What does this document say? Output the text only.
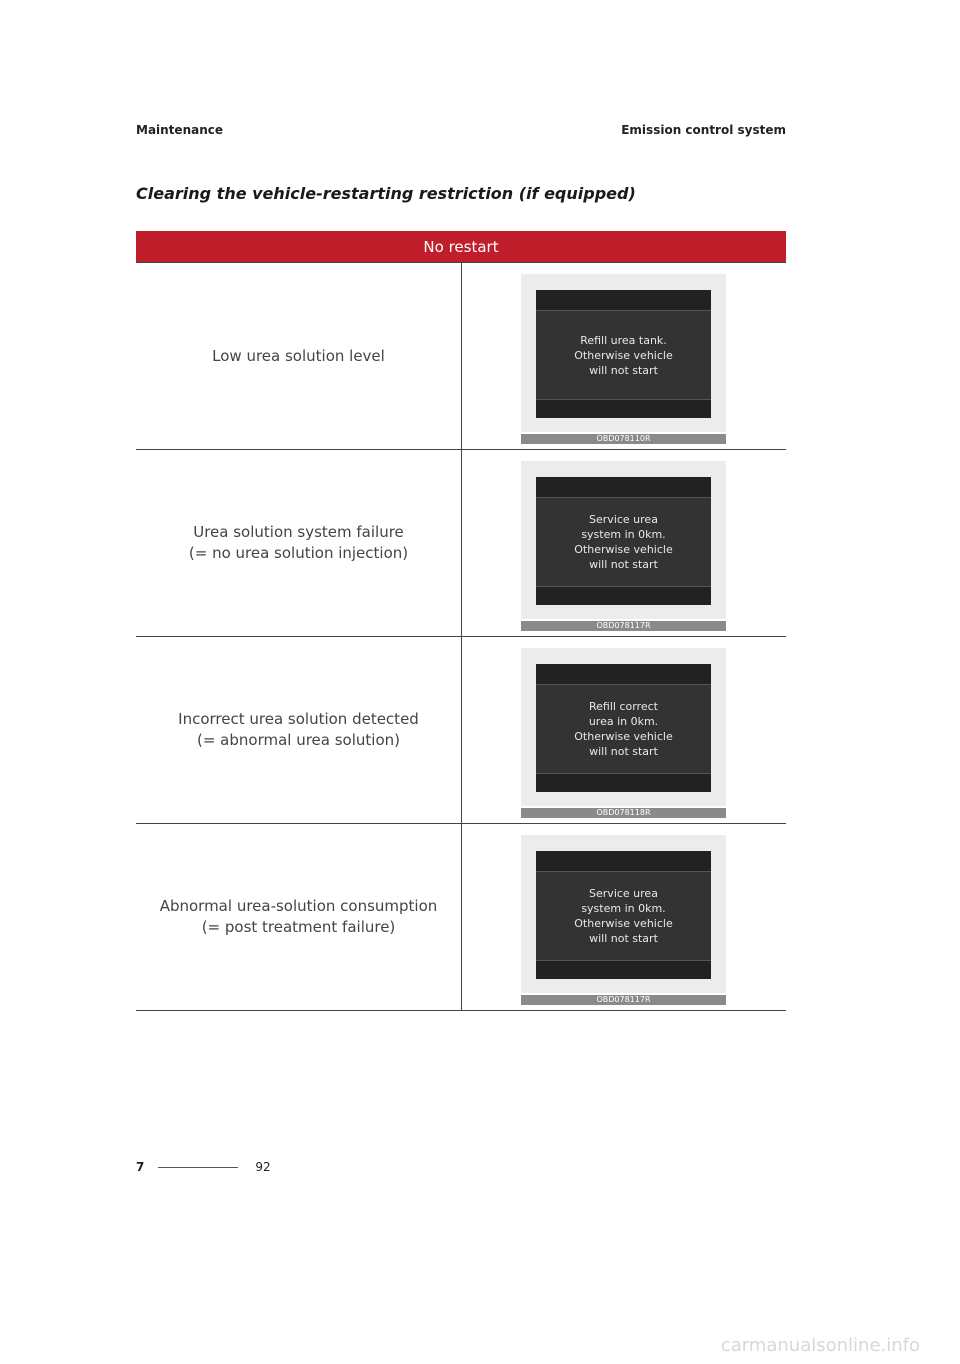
Maintenance	Emission control system
Clearing the vehicle-restarting restriction (if equipped)
No restart
Low urea solution level
Refill urea tank.
Otherwise vehicle
will not start
OBD078110R
Urea solution system failure
(= no urea solution injection)
Service urea
system in 0km.
Otherwise vehicle
will not start
OBD078117R
Incorrect urea solution detected
(= abnormal urea solution)
Refill correct
urea in 0km.
Otherwise vehicle
will not start
OBD078118R
Abnormal urea-solution consumption
(= post treatment failure)
Service urea
system in 0km.
Otherwise vehicle
will not start
OBD078117R
7	92
carmanualsonline.info
